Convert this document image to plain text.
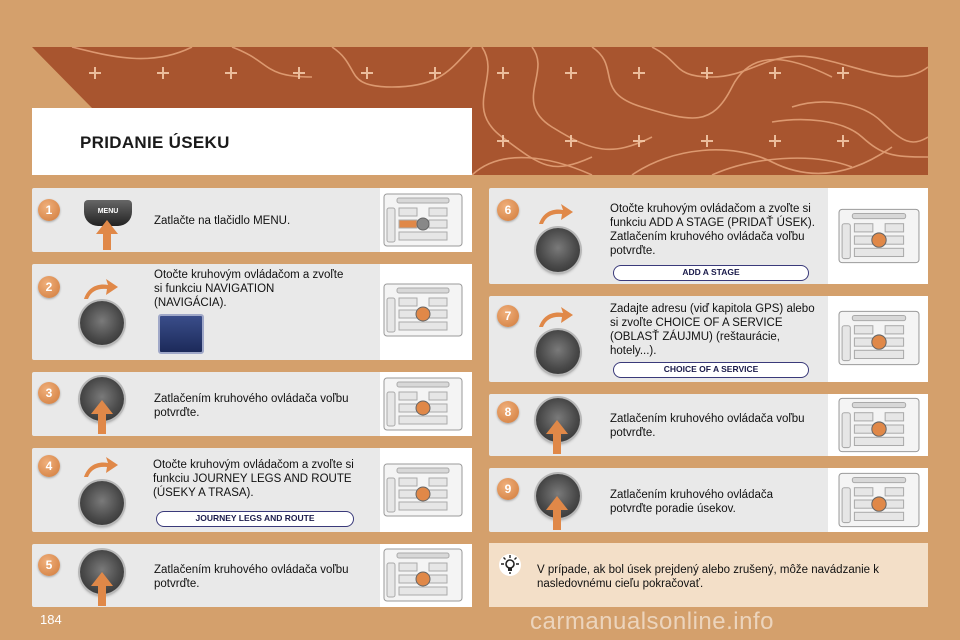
PRIDANIE ÚSEKU
1	MENU
Zatlačte na tlačidlo MENU.
2
Otočte kruhovým ovládačom a zvoľte si funkciu NAVIGATION (NAVIGÁCIA).
3	Zatlačením kruhového ovládača voľbu potvrďte.
4	Otočte kruhovým ovládačom a zvoľte si funkciu JOURNEY LEGS AND ROUTE (ÚSEKY A TRASA).
JOURNEY LEGS AND ROUTE
5	Zatlačením kruhového ovládača voľbu potvrďte.
6	Otočte kruhovým ovládačom a zvoľte si funkciu ADD A STAGE (PRIDAŤ ÚSEK). Zatlačením kruhového ovládača voľbu potvrďte.
ADD A STAGE
7	Zadajte adresu (viď kapitola GPS) alebo si zvoľte CHOICE OF A SERVICE (OBLASŤ ZÁUJMU) (reštaurácie, hotely...).
CHOICE OF A SERVICE
8	Zatlačením kruhového ovládača voľbu potvrďte.
9	Zatlačením kruhového ovládača potvrďte poradie úsekov.
V prípade, ak bol úsek prejdený alebo zrušený, môže navádzanie k nasledovnému cieľu pokračovať.
184	carmanualsonline.info
